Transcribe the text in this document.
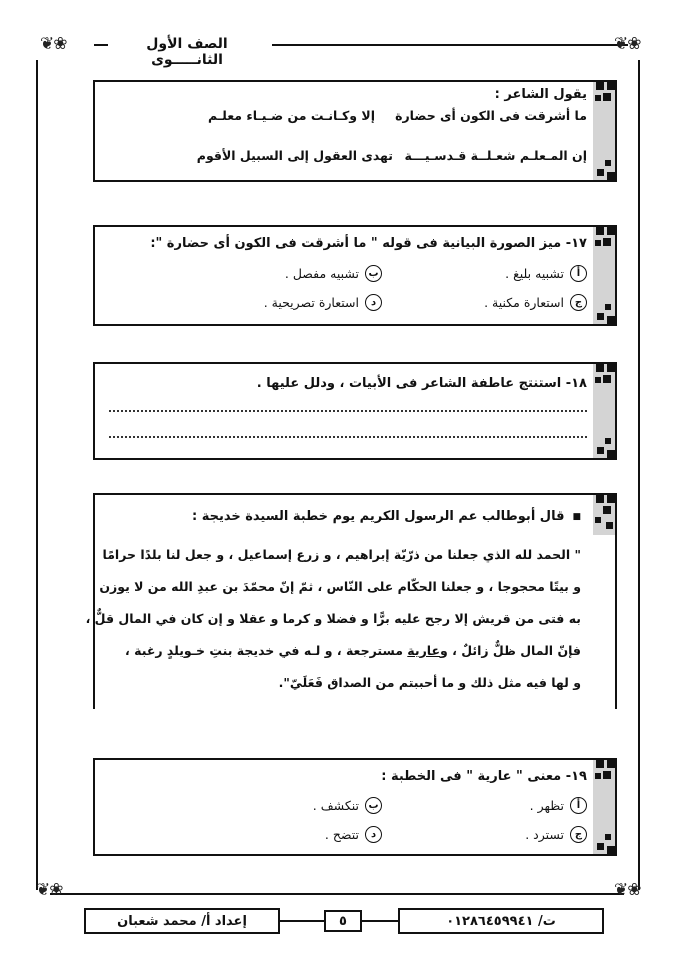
الصف الأول الثانـــــوى
❦❀	❦❀
❦❀	❦❀
يقول الشاعر :
ما أشرقت فى الكون أى حضارة
إلا وكـانـت من ضـيـاء معلـم
إن المـعلـم شعـلــة قـدسـيـــة
تهدى العقول إلى السبيل الأقوم
١٧- ميز الصورة البيانية فى قوله " ما أشرقت فى الكون أى حضارة ":
أ
تشبيه بليغ .
ب
تشبيه مفصل .
ج
استعارة مكنية .
د
استعارة تصريحية .
١٨- استنتج عاطفة الشاعر فى الأبيات ، ودلل عليها .
■
قال أبوطالب عم الرسول الكريم يوم خطبة السيدة خديجة :
" الحمد لله الذي جعلنا من ذرّيّة إبراهيم ، و زرع إسماعيل ، و جعل لنا بلدًا حرامًا
و بيتًا محجوجا ، و جعلنا الحكّام على النّاس ، ثمّ إنّ محمّدَ بن عبدِ الله من لا يوزن
به فتى من قريش إلا رجح عليه برًّا و فضلا و كرما و عقلا و إن كان في المال قلٌّ ،
فإنّ المال ظلٌّ زائلٌ ، وعارية مسترجعة ، و لـه في خديجة بنتِ خـويلدٍ رغبة ،
و لها فيه مثل ذلك و ما أحببتم من الصداق فَعَلَيّ".
١٩- معنى " عارية " فى الخطبة :
أ
تظهر .
ب
تنكشف .
ج
تسترد .
د
تتضح .
إعداد أ/ محمد شعبان	٥	ت/ ٠١٢٨٦٤٥٩٩٤١
